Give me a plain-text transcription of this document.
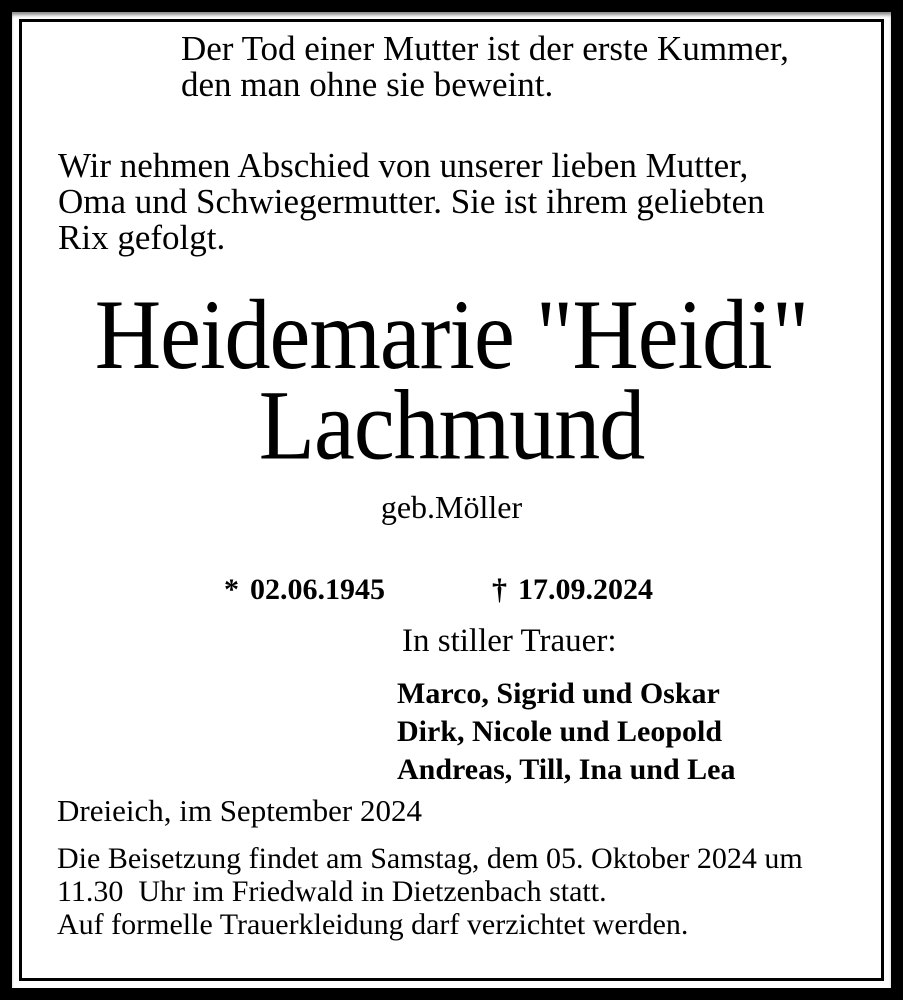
Der Tod einer Mutter ist der erste Kummer,
den man ohne sie beweint.
Wir nehmen Abschied von unserer lieben Mutter,
Oma und Schwiegermutter. Sie ist ihrem geliebten
Rix gefolgt.
Heidemarie "Heidi"
Lachmund
geb.Möller
* 02.06.1945	† 17.09.2024
In stiller Trauer:
Marco, Sigrid und Oskar
Dirk, Nicole und Leopold
Andreas, Till, Ina und Lea
Dreieich, im September 2024
Die Beisetzung findet am Samstag, dem 05. Oktober 2024 um
11.30  Uhr im Friedwald in Dietzenbach statt.
Auf formelle Trauerkleidung darf verzichtet werden.
